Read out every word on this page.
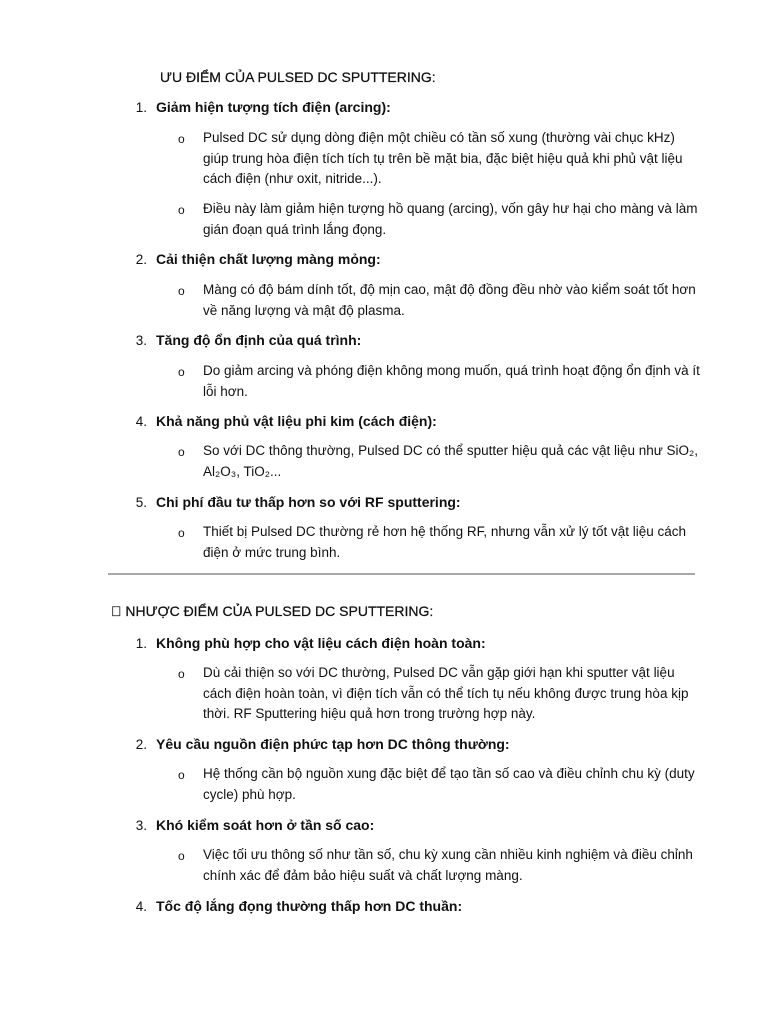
ƯU ĐIỂM CỦA PULSED DC SPUTTERING:
1. Giảm hiện tượng tích điện (arcing):
o Pulsed DC sử dụng dòng điện một chiều có tần số xung (thường vài chục kHz) giúp trung hòa điện tích tích tụ trên bề mặt bia, đặc biệt hiệu quả khi phủ vật liệu cách điện (như oxit, nitride...).
o Điều này làm giảm hiện tượng hồ quang (arcing), vốn gây hư hại cho màng và làm gián đoạn quá trình lắng đọng.
2. Cải thiện chất lượng màng mỏng:
o Màng có độ bám dính tốt, độ mịn cao, mật độ đồng đều nhờ vào kiểm soát tốt hơn về năng lượng và mật độ plasma.
3. Tăng độ ổn định của quá trình:
o Do giảm arcing và phóng điện không mong muốn, quá trình hoạt động ổn định và ít lỗi hơn.
4. Khả năng phủ vật liệu phi kim (cách điện):
o So với DC thông thường, Pulsed DC có thể sputter hiệu quả các vật liệu như SiO₂, Al₂O₃, TiO₂...
5. Chi phí đầu tư thấp hơn so với RF sputtering:
o Thiết bị Pulsed DC thường rẻ hơn hệ thống RF, nhưng vẫn xử lý tốt vật liệu cách điện ở mức trung bình.
􀀀 NHƯỢC ĐIỂM CỦA PULSED DC SPUTTERING:
1. Không phù hợp cho vật liệu cách điện hoàn toàn:
o Dù cải thiện so với DC thường, Pulsed DC vẫn gặp giới hạn khi sputter vật liệu cách điện hoàn toàn, vì điện tích vẫn có thể tích tụ nếu không được trung hòa kịp thời. RF Sputtering hiệu quả hơn trong trường hợp này.
2. Yêu cầu nguồn điện phức tạp hơn DC thông thường:
o Hệ thống cần bộ nguồn xung đặc biệt để tạo tần số cao và điều chỉnh chu kỳ (duty cycle) phù hợp.
3. Khó kiểm soát hơn ở tần số cao:
o Việc tối ưu thông số như tần số, chu kỳ xung cần nhiều kinh nghiệm và điều chỉnh chính xác để đảm bảo hiệu suất và chất lượng màng.
4. Tốc độ lắng đọng thường thấp hơn DC thuần:
